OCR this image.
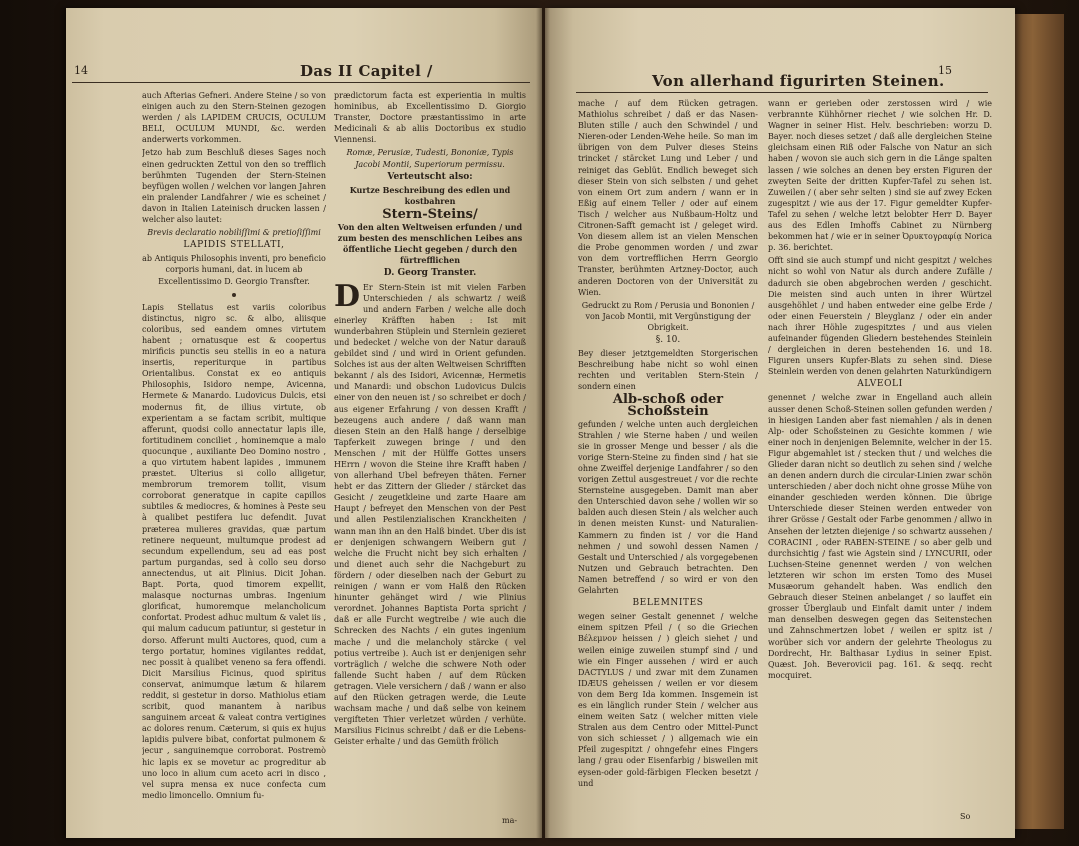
14	Das II Capitel /
Von allerhand figurirten Steinen.
15

auch Afterias Gefneri. Andere Steine / so von einigen auch zu den Stern-Steinen gezogen werden / als LAPIDEM CRUCIS, OCULUM BELI, OCULUM MUNDI, &c. werden anderwerts vorkommen.

Jetzo hab zum Beschluß dieses Sages noch einen gedruckten Zettul von den so trefflich berühmten Tugenden der Stern-Steinen beyfügen wollen / welchen vor langen Jahren ein pralender Landfahrer / wie es scheinet / davon in Italien Lateinisch drucken lassen / welcher also lautet:

Brevis declaratio nobiliſſimi & pretioſiſſimi

LAPIDIS STELLATI,

ab Antiquis Philosophis inventi, pro beneficio corporis humani, dat. in lucem ab Excellentissimo D. Georgio Transfter.

Lapis Stellatus est variis coloribus distinctus, nigro sc. & albo, aliisque coloribus, sed eandem omnes virtutem habent ; ornatusque est & coopertus mirificis punctis seu stellis in eo a natura insertis, reperiturque in partibus Orientalibus. Constat ex eo antiquis Philosophis, Isidoro nempe, Avicenna, Hermete & Manardo. Ludovicus Dulcis, etsi modernus fit, de illius virtute, ob experientam a se factam scribit, multique afferunt, quodsi collo annectatur lapis ille, fortitudinem conciliet , hominemque a malo quocunque , auxiliante Deo Domino nostro , a quo virtutem habent lapides , immunem præstet. Ulterius si collo alligetur, membrorum tremorem tollit, visum corroborat generatque in capite capillos subtiles & mediocres, & homines à Peste seu à qualibet pestifera luc defendit. Juvat præterea mulieres gravidas, quæ partum retinere nequeunt, multumque prodest ad secundum expellendum, seu ad eas post partum purgandas, sed à collo seu dorso annectendus, ut ait Plinius. Dicit Johan. Bapt. Porta, quod timorem expellit, malasque nocturnas umbras. Ingenium glorificat, humoremque melancholicum confortat. Prodest adhuc multum & valet iis , qui malum caducum patiuntur, si gestetur in dorso. Afferunt multi Auctores, quod, cum a tergo portatur, homines vigilantes reddat, nec possit à qualibet veneno sa fera offendi. Dicit Marsilius Ficinus, quod spiritus conservat, animumque lætum & hilarem reddit, si gestetur in dorso. Mathiolus etiam scribit, quod manantem à naribus sanguinem arceat & valeat contra vertigines ac dolores renum. Cæterum, si quis ex hujus lapidis pulvere bibat, confortat pulmonem & jecur , sanguinemque corroborat. Postremò hic lapis ex se movetur ac progreditur ab uno loco in alium cum aceto acri in disco , vel supra mensa ex nuce confecta cum medio limoncello. Omnium fu-

prædictorum facta est experientia in multis hominibus, ab Excellentissimo D. Giorgio Transter, Doctore præstantissimo in arte Medicinali & ab aliis Doctoribus ex studio Viennensi.

Romæ, Perusiæ, Tudesti, Bononiæ, Typis Jacobi Montii, Superiorum permissu.

Verteutscht also:

Kurtze Beschreibung des edlen und kostbahren

Stern-Steins/

Von den alten Weltweisen erfunden / und zum besten des menschlichen Leibes ans öffentliche Liecht gegeben / durch den fürtrefflichen

D. Georg Transter.

D Er Stern-Stein ist mit vielen Farben Unterschieden / als schwartz / weiß und andern Farben / welche alle doch einerley Kräfften haben : Ist mit wunderbahren Stüplein und Sternlein gezieret und bedecket / welche von der Natur darauß gebildet sind / und wird in Orient gefunden. Solches ist aus der alten Weltweisen Schrifften bekannt / als des Isidori, Avicennæ, Hermetis und Manardi: und obschon Ludovicus Dulcis einer von den neuen ist / so schreibet er doch / aus eigener Erfahrung / von dessen Krafft / bezeugens auch andere / daß wann man diesen Stein an den Halß hange / derselbige Tapferkeit zuwegen bringe / und den Menschen / mit der Hülffe Gottes unsers HErrn / wovon die Steine ihre Krafft haben / von allerhand Ubel befreyen thäten. Ferner hebt er das Zittern der Glieder / stärcket das Gesicht / zeugetkleine und zarte Haare am Haupt / befreyet den Menschen von der Pest und allen Pestilenzialischen Kranckheiten / wann man ihn an den Halß bindet. Uber dis ist er denjenigen schwangern Weibern gut / welche die Frucht nicht bey sich erhalten / und dienet auch sehr die Nachgeburt zu fördern / oder dieselben nach der Geburt zu reinigen / wann er vom Halß den Rücken hinunter gehänget wird / wie Plinius verordnet. Johannes Baptista Porta spricht / daß er alle Furcht wegtreibe / wie auch die Schrecken des Nachts / ein gutes ingenium mache / und die melancholy stärcke ( vel potius vertreibe ). Auch ist er denjenigen sehr vorträglich / welche die schwere Noth oder fallende Sucht haben / auf dem Rücken getragen. Viele versichern / daß / wann er also auf den Rücken getragen werde, die Leute wachsam mache / und daß selbe von keinem vergifteten Thier verletzet würden / verhüte. Marsilius Ficinus schreibt / daß er die Lebens-Geister erhalte / und das Gemüth frölich

ma-

mache / auf dem Rücken getragen. Mathiolus schreibet / daß er das Nasen-Bluten stille / auch den Schwindel / und Nieren-oder Lenden-Wehe heile. So man im übrigen von dem Pulver dieses Steins trincket / stärcket Lung und Leber / und reiniget das Geblüt. Endlich beweget sich dieser Stein von sich selbsten / und gehet von einem Ort zum andern / wann er in Eßig auf einem Teller / oder auf einem Tisch / welcher aus Nußbaum-Holtz und Citronen-Safft gemacht ist / geleget wird. Von diesem allem ist an vielen Menschen die Probe genommen worden / und zwar von dem vortrefflichen Herrn Georgio Transter, berühmten Artzney-Doctor, auch anderen Doctoren von der Universität zu Wien.

Gedruckt zu Rom / Perusia und Bononien / von Jacob Montii, mit Vergünstigung der Obrigkeit.

§. 10.

Bey dieser jetztgemeldten Storgerischen Beschreibung habe nicht so wohl einen rechten und veritablen Stern-Stein / sondern einen

Alb-schoß oder Schoßstein

gefunden / welche unten auch dergleichen Strahlen / wie Sterne haben / und weilen sie in grosser Menge und besser / als die vorige Stern-Steine zu finden sind / hat sie ohne Zweiffel derjenige Landfahrer / so den vorigen Zettul ausgestreuet / vor die rechte Sternsteine ausgegeben. Damit man aber den Unterschied davon sehe / wollen wir so balden auch diesen Stein / als welcher auch in denen meisten Kunst- und Naturalien-Kammern zu finden ist / vor die Hand nehmen / und sowohl dessen Namen / Gestalt und Unterschied / als vorgegebenen Nutzen und Gebrauch betrachten. Den Namen betreffend / so wird er von den Gelahrten

BELEMNITES

wegen seiner Gestalt genennet / welche einem spitzen Pfeil / ( so die Griechen Βέλεμνον heissen / ) gleich siehet / und weilen einige zuweilen stumpf sind / und wie ein Finger aussehen / wird er auch DACTYLUS / und zwar mit dem Zunamen IDÆUS geheissen / weilen er vor diesem von dem Berg Ida kommen. Insgemein ist es ein länglich runder Stein / welcher aus einem weiten Satz ( welcher mitten viele Stralen aus dem Centro oder Mittel-Punct von sich schiesset / ) allgemach wie ein Pfeil zugespitzt / ohngefehr eines Fingers lang / grau oder Eisenfarbig / bisweilen mit eysen-oder gold-färbigen Flecken besetzt / und

wann er gerieben oder zerstossen wird / wie verbrannte Kühhörner riechet / wie solchen Hr. D. Wagner in seiner Hist. Helv. beschrieben: worzu D. Bayer. noch dieses setzet / daß alle dergleichen Steine gleichsam einen Riß oder Falsche von Natur an sich haben / wovon sie auch sich gern in die Länge spalten lassen / wie solches an denen bey ersten Figuren der zweyten Seite der dritten Kupfer-Tafel zu sehen ist. Zuweilen / ( aber sehr selten ) sind sie auf zwey Ecken zugespitzt / wie aus der 17. Figur gemeldter Kupfer-Tafel zu sehen / welche letzt belobter Herr D. Bayer aus des Edlen Imhoffs Cabinet zu Nürnberg bekommen hat / wie er in seiner Ὀρυκτογραφίᾳ Norica p. 36. berichtet.

Offt sind sie auch stumpf und nicht gespitzt / welches nicht so wohl von Natur als durch andere Zufälle / dadurch sie oben abgebrochen werden / geschicht. Die meisten sind auch unten in ihrer Würtzel ausgehöhlet / und haben entweder eine gelbe Erde / oder einen Feuerstein / Bleyglanz / oder ein ander nach ihrer Höhle zugespitztes / und aus vielen aufeinander fügenden Gliedern bestehendes Steinlein / dergleichen in deren bestehenden 16. und 18. Figuren unsers Kupfer-Blats zu sehen sind. Diese Steinlein werden von denen gelahrten Naturkündigern

ALVEOLI

genennet / welche zwar in Engelland auch allein ausser denen Schoß-Steinen sollen gefunden werden / in hiesigen Landen aber fast niemahlen / als in denen Alp- oder Schoßsteinen zu Gesichte kommen / wie einer noch in denjenigen Belemnite, welcher in der 15. Figur abgemahlet ist / stecken thut / und welches die Glieder daran nicht so deutlich zu sehen sind / welche an denen andern durch die circular-Linien zwar schön unterschieden / aber doch nicht ohne grosse Mühe von einander geschieden werden können. Die übrige Unterschiede dieser Steinen werden entweder von ihrer Grösse / Gestalt oder Farbe genommen / allwo in Ansehen der letzten diejenige / so schwartz aussehen / CORACINI , oder RABEN-STEINE / so aber gelb und durchsichtig / fast wie Agstein sind / LYNCURII, oder Luchsen-Steine genennet werden / von welchen letzteren wir schon im ersten Tomo des Musei Musæorum gehandelt haben. Was endlich den Gebrauch dieser Steinen anbelanget / so lauffet ein grosser Überglaub und Einfalt damit unter / indem man denselben deswegen gegen das Seitenstechen und Zahnschmertzen lobet / weilen er spitz ist / worüber sich vor andern der gelehrte Theologus zu Dordrecht, Hr. Balthasar Lydius in seiner Epist. Quæst. Joh. Beverovicii pag. 161. & seqq. recht mocquiret.

So
